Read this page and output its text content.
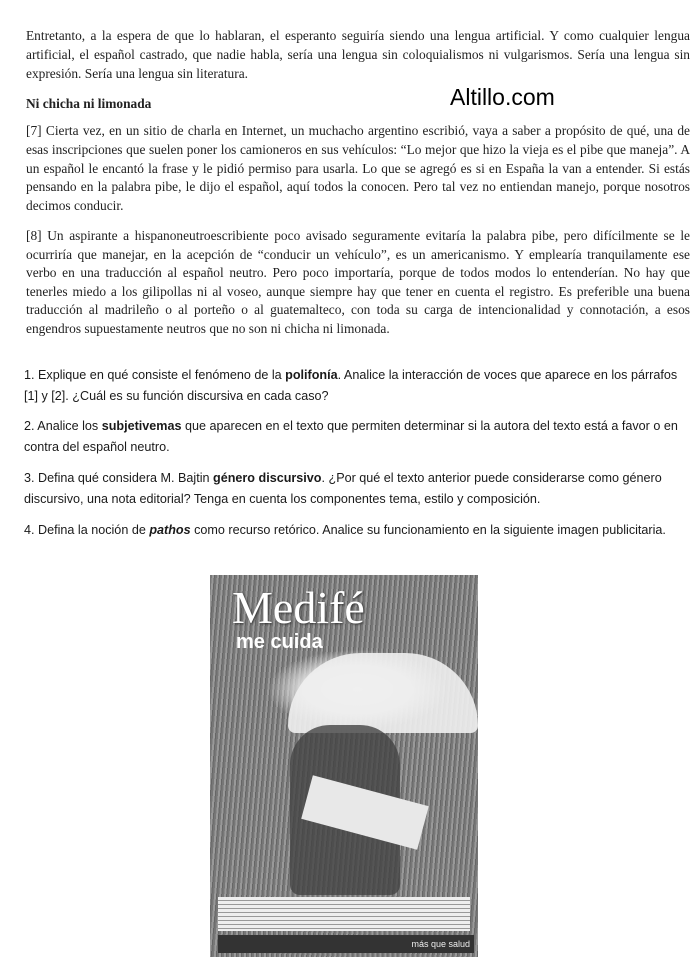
Entretanto, a la espera de que lo hablaran, el esperanto seguiría siendo una lengua artificial. Y como cualquier lengua artificial, el español castrado, que nadie habla, sería una lengua sin coloquialismos ni vulgarismos. Sería una lengua sin expresión. Sería una lengua sin literatura.
Ni chicha ni limonada	Altillo.com
[7] Cierta vez, en un sitio de charla en Internet, un muchacho argentino escribió, vaya a saber a propósito de qué, una de esas inscripciones que suelen poner los camioneros en sus vehículos: “Lo mejor que hizo la vieja es el pibe que maneja”. A un español le encantó la frase y le pidió permiso para usarla. Lo que se agregó es si en España la van a entender. Si estás pensando en la palabra pibe, le dijo el español, aquí todos la conocen. Pero tal vez no entiendan manejo, porque nosotros decimos conducir.
[8] Un aspirante a hispanoneutroescribiente poco avisado seguramente evitaría la palabra pibe, pero difícilmente se le ocurriría que manejar, en la acepción de “conducir un vehículo”, es un americanismo. Y emplearía tranquilamente ese verbo en una traducción al español neutro. Pero poco importaría, porque de todos modos lo entenderían. No hay que tenerles miedo a los gilipollas ni al voseo, aunque siempre hay que tener en cuenta el registro. Es preferible una buena traducción al madrileño o al porteño o al guatemalteco, con toda su carga de intencionalidad y connotación, a esos engendros supuestamente neutros que no son ni chicha ni limonada.
1. Explique en qué consiste el fenómeno de la polifonía. Analice la interacción de voces que aparece en los párrafos [1] y [2]. ¿Cuál es su función discursiva en cada caso?
2. Analice los subjetivemas que aparecen en el texto que permiten determinar si la autora del texto está a favor o en contra del español neutro.
3. Defina qué considera M. Bajtin género discursivo. ¿Por qué el texto anterior puede considerarse como género discursivo, una nota editorial? Tenga en cuenta los componentes tema, estilo y composición.
4. Defina la noción de pathos como recurso retórico. Analice su funcionamiento en la siguiente imagen publicitaria.
Medifé
me cuida
más que salud
